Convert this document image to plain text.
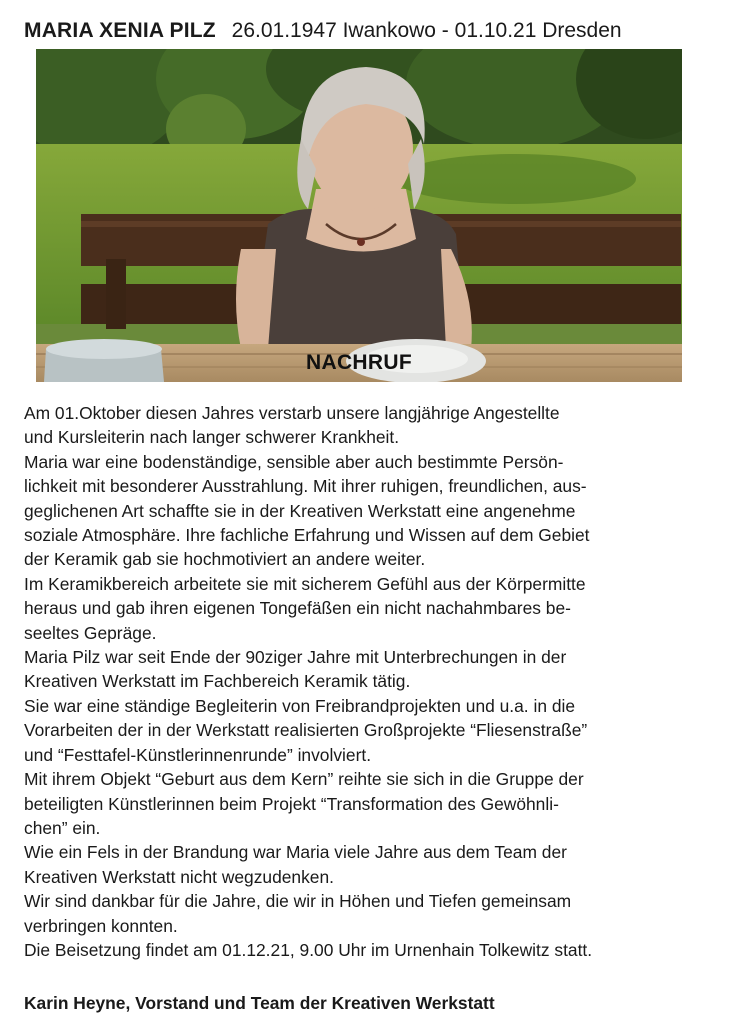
MARIA XENIA PILZ 26.01.1947 Iwankowo - 01.10.21 Dresden
NACHRUF

Am 01.Oktober diesen Jahres verstarb unsere langjährige Angestellte

und Kursleiterin nach langer schwerer Krankheit.

Maria war eine bodenständige, sensible aber auch bestimmte Persön-

lichkeit mit besonderer Ausstrahlung. Mit ihrer ruhigen, freundlichen, aus-

geglichenen Art schaffte sie in der Kreativen Werkstatt eine angenehme

soziale Atmosphäre. Ihre fachliche Erfahrung und Wissen auf dem Gebiet

der Keramik gab sie hochmotiviert an andere weiter.

Im Keramikbereich arbeitete sie mit sicherem Gefühl aus der Körpermitte

heraus und gab ihren eigenen Tongefäßen ein nicht nachahmbares be-

seeltes Gepräge.

Maria Pilz war seit Ende der 90ziger Jahre mit Unterbrechungen in der

Kreativen Werkstatt im Fachbereich Keramik tätig.

Sie war eine ständige Begleiterin von Freibrandprojekten und u.a. in die

Vorarbeiten der in der Werkstatt realisierten Großprojekte “Fliesenstraße”

und “Festtafel-Künstlerinnenrunde” involviert.

Mit ihrem Objekt “Geburt aus dem Kern” reihte sie sich in die Gruppe der

beteiligten Künstlerinnen beim Projekt “Transformation des Gewöhnli-

chen” ein.

Wie ein Fels in der Brandung war Maria viele Jahre aus dem Team der

Kreativen Werkstatt nicht wegzudenken.

Wir sind dankbar für die Jahre, die wir in Höhen und Tiefen gemeinsam

verbringen konnten.

Die Beisetzung findet am 01.12.21, 9.00 Uhr im Urnenhain Tolkewitz statt.

Karin Heyne, Vorstand und Team der Kreativen Werkstatt
